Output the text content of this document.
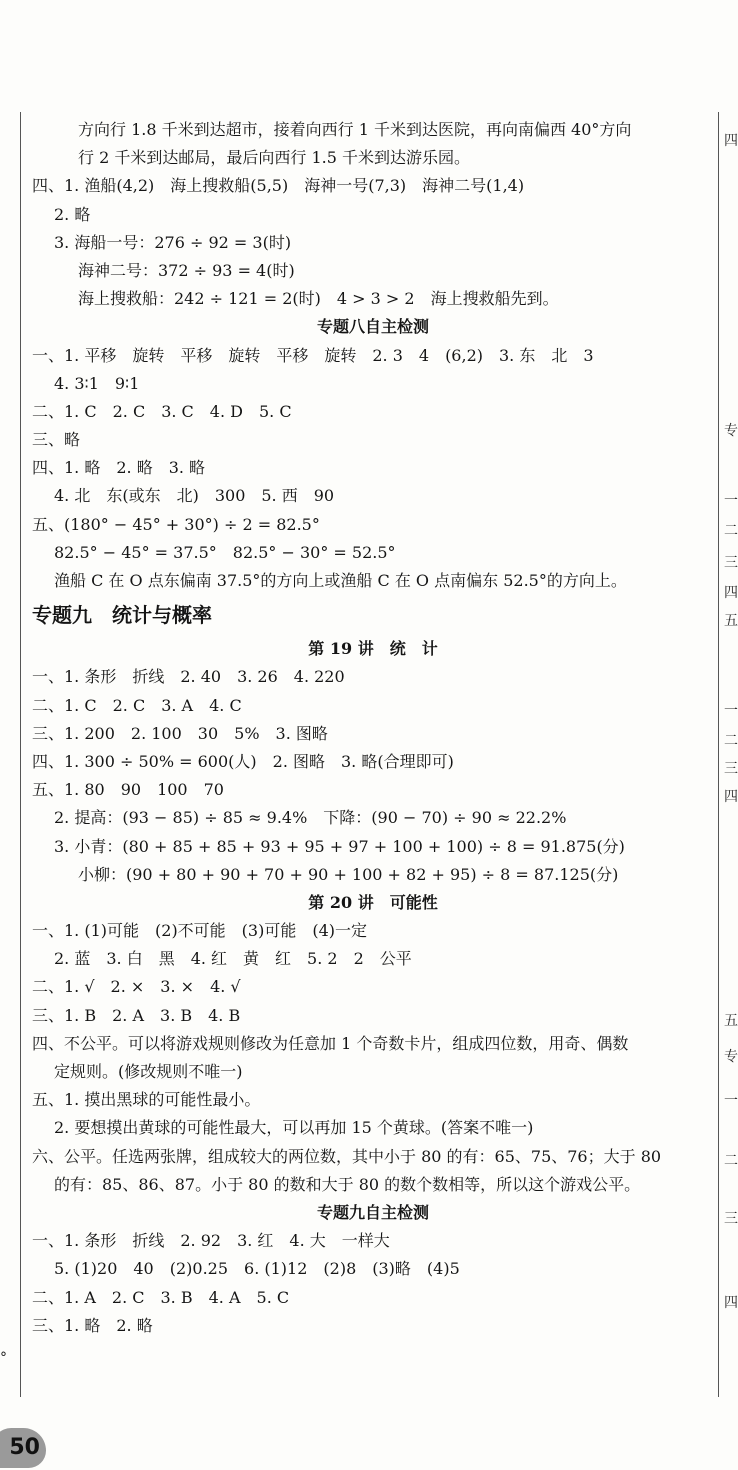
方向行 1.8 千米到达超市，接着向西行 1 千米到达医院，再向南偏西 40°方向
行 2 千米到达邮局，最后向西行 1.5 千米到达游乐园。
四、1. 渔船(4,2)　海上搜救船(5,5)　海神一号(7,3)　海神二号(1,4)
2. 略
3. 海船一号：276 ÷ 92 = 3(时)
海神二号：372 ÷ 93 = 4(时)
海上搜救船：242 ÷ 121 = 2(时)　4 > 3 > 2　海上搜救船先到。
专题八自主检测
一、1. 平移　旋转　平移　旋转　平移　旋转　2. 3　4　(6,2)　3. 东　北　3
4. 3∶1　9∶1
二、1. C　2. C　3. C　4. D　5. C
三、略
四、1. 略　2. 略　3. 略
4. 北　东(或东　北)　300　5. 西　90
五、(180° − 45° + 30°) ÷ 2 = 82.5°
82.5° − 45° = 37.5°　82.5° − 30° = 52.5°
渔船 C 在 O 点东偏南 37.5°的方向上或渔船 C 在 O 点南偏东 52.5°的方向上。
专题九　统计与概率
第 19 讲　统　计
一、1. 条形　折线　2. 40　3. 26　4. 220
二、1. C　2. C　3. A　4. C
三、1. 200　2. 100　30　5%　3. 图略
四、1. 300 ÷ 50% = 600(人)　2. 图略　3. 略(合理即可)
五、1. 80　90　100　70
2. 提高：(93 − 85) ÷ 85 ≈ 9.4%　下降：(90 − 70) ÷ 90 ≈ 22.2%
3. 小青：(80 + 85 + 85 + 93 + 95 + 97 + 100 + 100) ÷ 8 = 91.875(分)
小柳：(90 + 80 + 90 + 70 + 90 + 100 + 82 + 95) ÷ 8 = 87.125(分)
第 20 讲　可能性
一、1. (1)可能　(2)不可能　(3)可能　(4)一定
2. 蓝　3. 白　黑　4. 红　黄　红　5. 2　2　公平
二、1. √　2. ×　3. ×　4. √
三、1. B　2. A　3. B　4. B
四、不公平。可以将游戏规则修改为任意加 1 个奇数卡片，组成四位数，用奇、偶数
定规则。(修改规则不唯一)
五、1. 摸出黑球的可能性最小。
2. 要想摸出黄球的可能性最大，可以再加 15 个黄球。(答案不唯一)
六、公平。任选两张牌，组成较大的两位数，其中小于 80 的有：65、75、76；大于 80
的有：85、86、87。小于 80 的数和大于 80 的数个数相等，所以这个游戏公平。
专题九自主检测
一、1. 条形　折线　2. 92　3. 红　4. 大　一样大
5. (1)20　40　(2)0.25　6. (1)12　(2)8　(3)略　(4)5
二、1. A　2. C　3. B　4. A　5. C
三、1. 略　2. 略
°
四
专
一
二
三
四
五
一
二
三
四
五
专
一
二
三
四
50
